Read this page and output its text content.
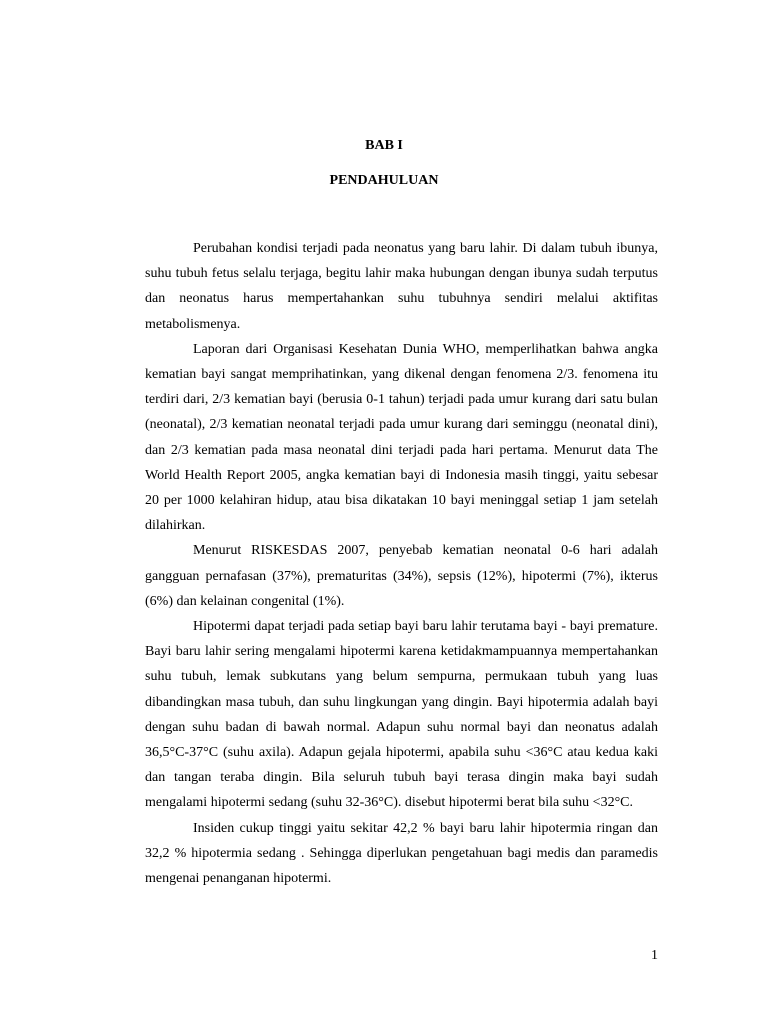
BAB I
PENDAHULUAN

Perubahan kondisi terjadi pada neonatus yang baru lahir. Di dalam tubuh ibunya, suhu tubuh fetus selalu terjaga, begitu lahir maka hubungan dengan ibunya sudah terputus dan neonatus harus mempertahankan suhu tubuhnya sendiri melalui aktifitas metabolismenya.

Laporan dari Organisasi Kesehatan Dunia WHO, memperlihatkan bahwa angka kematian bayi sangat memprihatinkan, yang dikenal dengan fenomena 2/3. fenomena itu terdiri dari, 2/3 kematian bayi (berusia 0-1 tahun) terjadi pada umur kurang dari satu bulan (neonatal), 2/3 kematian neonatal terjadi pada umur kurang dari seminggu (neonatal dini), dan 2/3 kematian pada masa neonatal dini terjadi pada hari pertama. Menurut data The World Health Report 2005, angka kematian bayi di Indonesia masih tinggi, yaitu sebesar 20 per 1000 kelahiran hidup, atau bisa dikatakan 10 bayi meninggal setiap 1 jam setelah dilahirkan.

Menurut RISKESDAS 2007, penyebab kematian neonatal 0-6 hari adalah gangguan pernafasan (37%), prematuritas (34%), sepsis (12%), hipotermi (7%), ikterus (6%) dan kelainan congenital (1%).

Hipotermi dapat terjadi pada setiap bayi baru lahir terutama bayi - bayi premature. Bayi baru lahir sering mengalami hipotermi karena ketidakmampuannya mempertahankan suhu tubuh, lemak subkutans yang belum sempurna, permukaan tubuh yang luas dibandingkan masa tubuh, dan suhu lingkungan yang dingin. Bayi hipotermia adalah bayi dengan suhu badan di bawah normal. Adapun suhu normal bayi dan neonatus adalah 36,5°C-37°C (suhu axila). Adapun gejala hipotermi, apabila suhu <36°C atau kedua kaki dan tangan teraba dingin. Bila seluruh tubuh bayi terasa dingin maka bayi sudah mengalami hipotermi sedang (suhu 32-36°C). disebut hipotermi berat bila suhu <32°C.

Insiden cukup tinggi yaitu sekitar 42,2 % bayi baru lahir hipotermia ringan dan 32,2 % hipotermia sedang . Sehingga diperlukan pengetahuan bagi medis dan paramedis mengenai penanganan hipotermi.

1
